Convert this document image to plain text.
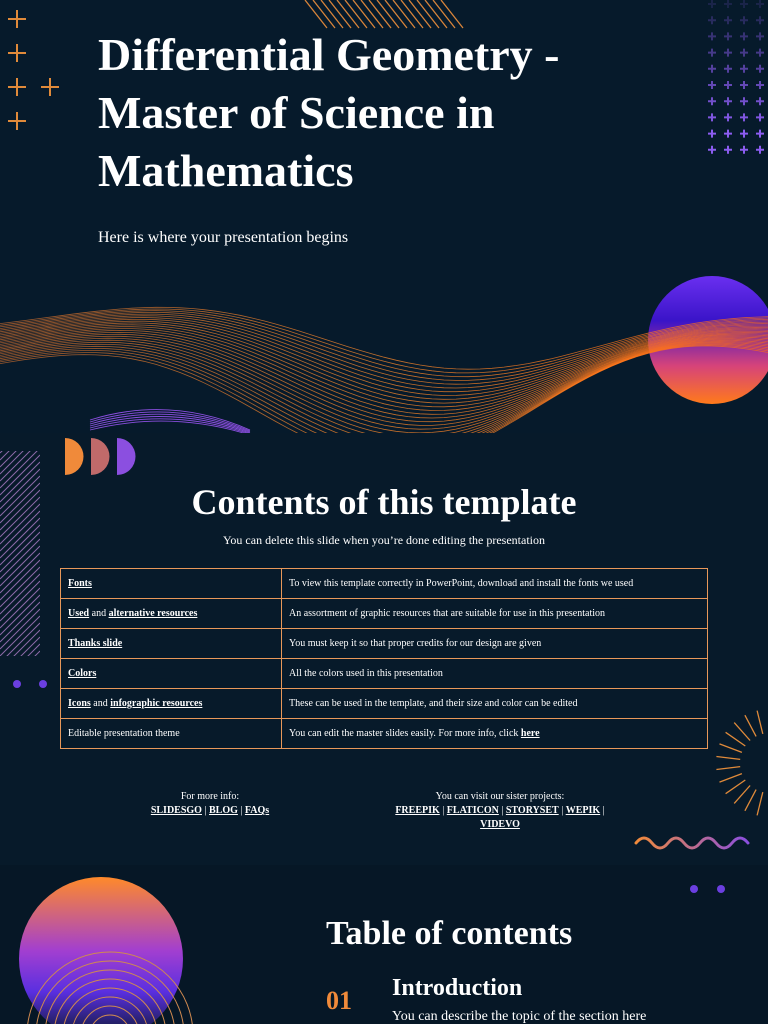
Differential Geometry - Master of Science in Mathematics
Here is where your presentation begins
Contents of this template
You can delete this slide when you’re done editing the presentation
Fonts	To view this template correctly in PowerPoint, download and install the fonts we used
Used and alternative resources	An assortment of graphic resources that are suitable for use in this presentation
Thanks slide	You must keep it so that proper credits for our design are given
Colors	All the colors used in this presentation
Icons and infographic resources	These can be used in the template, and their size and color can be edited
Editable presentation theme	You can edit the master slides easily. For more info, click here
For more info:
SLIDESGO | BLOG | FAQs
You can visit our sister projects:
FREEPIK | FLATICON | STORYSET | WEPIK |
VIDEVO
Table of contents
01 Introduction
You can describe the topic of the section here
